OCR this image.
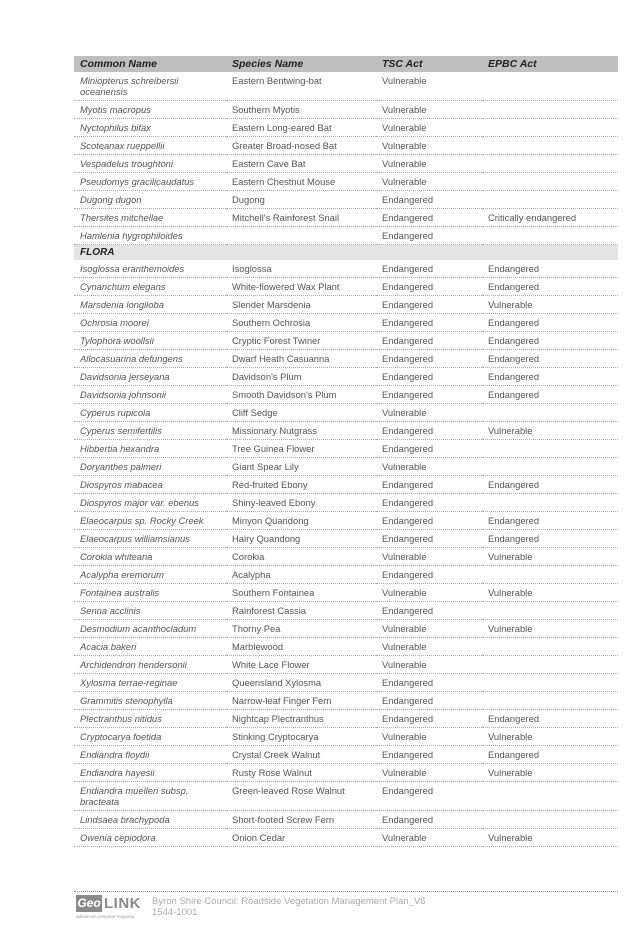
Common Name	Species Name	TSC Act	EPBC Act
Miniopterus schreibersii oceanensis	Eastern Bentwing-bat	Vulnerable	
Myotis macropus	Southern Myotis	Vulnerable	
Nyctophilus bifax	Eastern Long-eared Bat	Vulnerable	
Scoteanax rueppellii	Greater Broad-nosed Bat	Vulnerable	
Vespadelus troughtoni	Eastern Cave Bat	Vulnerable	
Pseudomys gracilicaudatus	Eastern Chestnut Mouse	Vulnerable	
Dugong dugon	Dugong	Endangered	
Thersites mitchellae	Mitchell's Rainforest Snail	Endangered	Critically endangered
Hamlenia hygrophiloides		Endangered	
FLORA			
Isoglossa eranthemoides	Isoglossa	Endangered	Endangered
Cynanchum elegans	White-flowered Wax Plant	Endangered	Endangered
Marsdenia longiloba	Slender Marsdenia	Endangered	Vulnerable
Ochrosia moorei	Southern Ochrosia	Endangered	Endangered
Tylophora woollsii	Cryptic Forest Twiner	Endangered	Endangered
Allocasuarina defungens	Dwarf Heath Casuarina	Endangered	Endangered
Davidsonia jerseyana	Davidson's Plum	Endangered	Endangered
Davidsonia johnsonii	Smooth Davidson's Plum	Endangered	Endangered
Cyperus rupicola	Cliff Sedge	Vulnerable	
Cyperus semifertilis	Missionary Nutgrass	Endangered	Vulnerable
Hibbertia hexandra	Tree Guinea Flower	Endangered	
Doryanthes palmeri	Giant Spear Lily	Vulnerable	
Diospyros mabacea	Red-fruited Ebony	Endangered	Endangered
Diospyros major var. ebenus	Shiny-leaved Ebony	Endangered	
Elaeocarpus sp. Rocky Creek	Minyon Quandong	Endangered	Endangered
Elaeocarpus williamsianus	Hairy Quandong	Endangered	Endangered
Corokia whiteana	Corokia	Vulnerable	Vulnerable
Acalypha eremorum	Acalypha	Endangered	
Fontainea australis	Southern Fontainea	Vulnerable	Vulnerable
Senna acclinis	Rainforest Cassia	Endangered	
Desmodium acanthocladum	Thorny Pea	Vulnerable	Vulnerable
Acacia bakeri	Marblewood	Vulnerable	
Archidendron hendersonii	White Lace Flower	Vulnerable	
Xylosma terrae-reginae	Queensland Xylosma	Endangered	
Grammitis stenophylla	Narrow-leaf Finger Fern	Endangered	
Plectranthus nitidus	Nightcap Plectranthus	Endangered	Endangered
Cryptocarya foetida	Stinking Cryptocarya	Vulnerable	Vulnerable
Endiandra floydii	Crystal Creek Walnut	Endangered	Endangered
Endiandra hayesii	Rusty Rose Walnut	Vulnerable	Vulnerable
Endiandra muelleri subsp. bracteata	Green-leaved Rose Walnut	Endangered	
Lindsaea brachypoda	Short-footed Screw Fern	Endangered	
Owenia cepiodora	Onion Cedar	Vulnerable	Vulnerable
Geo LINK
advanced computer mapping
Byron Shire Council: Roadside Vegetation Management Plan_V6
1544-1001
